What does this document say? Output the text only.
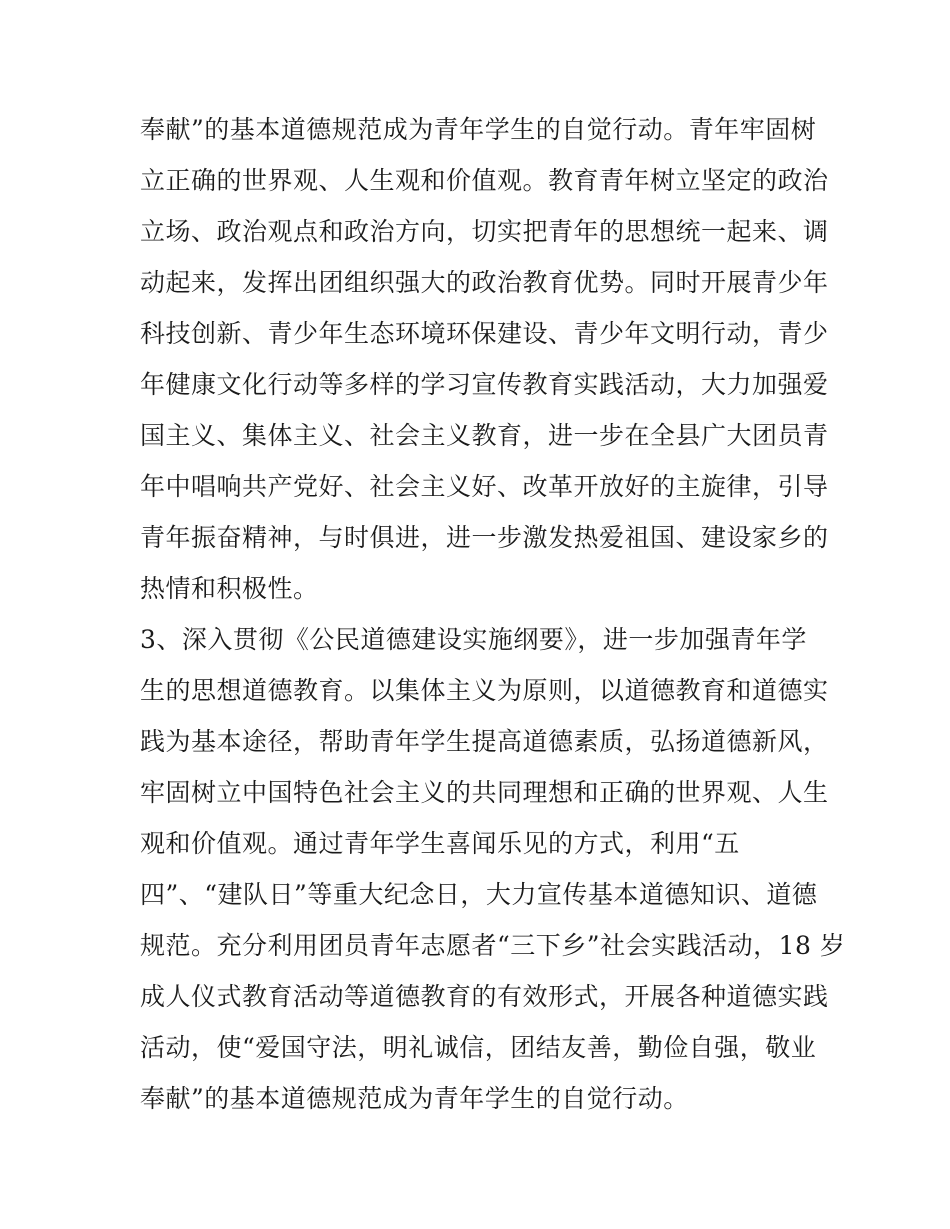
奉献”的基本道德规范成为青年学生的自觉行动。青年牢固树
立正确的世界观、人生观和价值观。教育青年树立坚定的政治
立场、政治观点和政治方向，切实把青年的思想统一起来、调
动起来，发挥出团组织强大的政治教育优势。同时开展青少年
科技创新、青少年生态环境环保建设、青少年文明行动，青少
年健康文化行动等多样的学习宣传教育实践活动，大力加强爱
国主义、集体主义、社会主义教育，进一步在全县广大团员青
年中唱响共产党好、社会主义好、改革开放好的主旋律，引导
青年振奋精神，与时俱进，进一步激发热爱祖国、建设家乡的
热情和积极性。
3、深入贯彻《公民道德建设实施纲要》，进一步加强青年学
生的思想道德教育。以集体主义为原则，以道德教育和道德实
践为基本途径，帮助青年学生提高道德素质，弘扬道德新风，
牢固树立中国特色社会主义的共同理想和正确的世界观、人生
观和价值观。通过青年学生喜闻乐见的方式，利用“五
四”、“建队日”等重大纪念日，大力宣传基本道德知识、道德
规范。充分利用团员青年志愿者“三下乡”社会实践活动，18 岁
成人仪式教育活动等道德教育的有效形式，开展各种道德实践
活动，使“爱国守法，明礼诚信，团结友善，勤俭自强，敬业
奉献”的基本道德规范成为青年学生的自觉行动。
